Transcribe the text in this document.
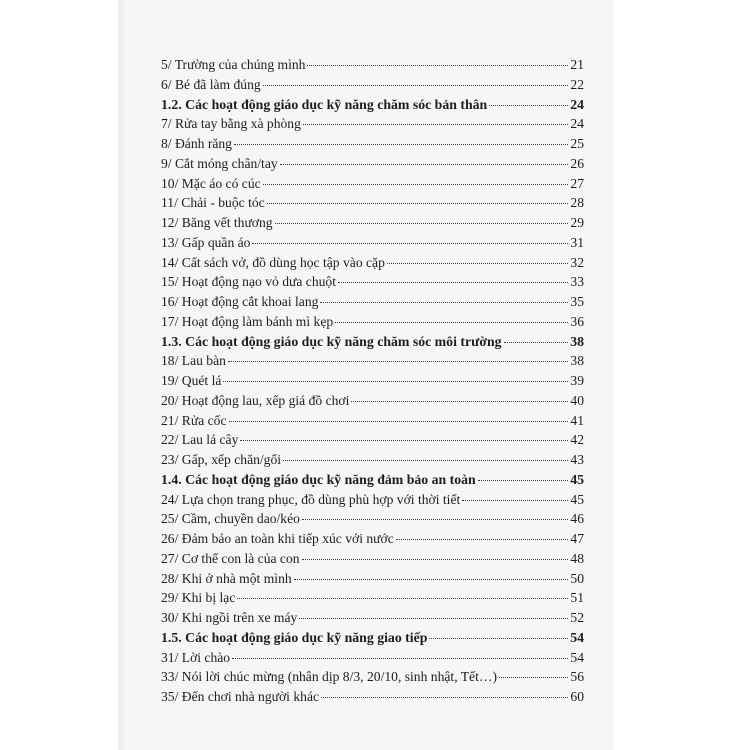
5/ Trường của chúng mình	21
6/ Bé đã làm đúng	22
1.2. Các hoạt động giáo dục kỹ năng chăm sóc bản thân	24
7/ Rửa tay bằng xà phòng	24
8/ Đánh răng	25
9/ Cắt móng chân/tay	26
10/ Mặc áo có cúc	27
11/ Chải - buộc tóc	28
12/ Băng vết thương	29
13/ Gấp quần áo	31
14/ Cất sách vở, đồ dùng học tập vào cặp	32
15/ Hoạt động nạo vỏ dưa chuột	33
16/ Hoạt động cắt khoai lang	35
17/ Hoạt động làm bánh mì kẹp	36
1.3. Các hoạt động giáo dục kỹ năng chăm sóc môi trường	38
18/ Lau bàn	38
19/ Quét lá	39
20/ Hoạt động lau, xếp giá đồ chơi	40
21/ Rửa cốc	41
22/ Lau lá cây	42
23/ Gấp, xếp chăn/gối	43
1.4. Các hoạt động giáo dục kỹ năng đảm bảo an toàn	45
24/ Lựa chọn trang phục, đồ dùng phù hợp với thời tiết	45
25/ Cầm, chuyền dao/kéo	46
26/ Đảm bảo an toàn khi tiếp xúc với nước	47
27/ Cơ thể con là của con	48
28/ Khi ở nhà một mình	50
29/ Khi bị lạc	51
30/ Khi ngồi trên xe máy	52
1.5. Các hoạt động giáo dục kỹ năng giao tiếp	54
31/ Lời chào	54
33/ Nói lời chúc mừng (nhân dịp 8/3, 20/10, sinh nhật, Tết…)	56
35/ Đến chơi nhà người khác	60
